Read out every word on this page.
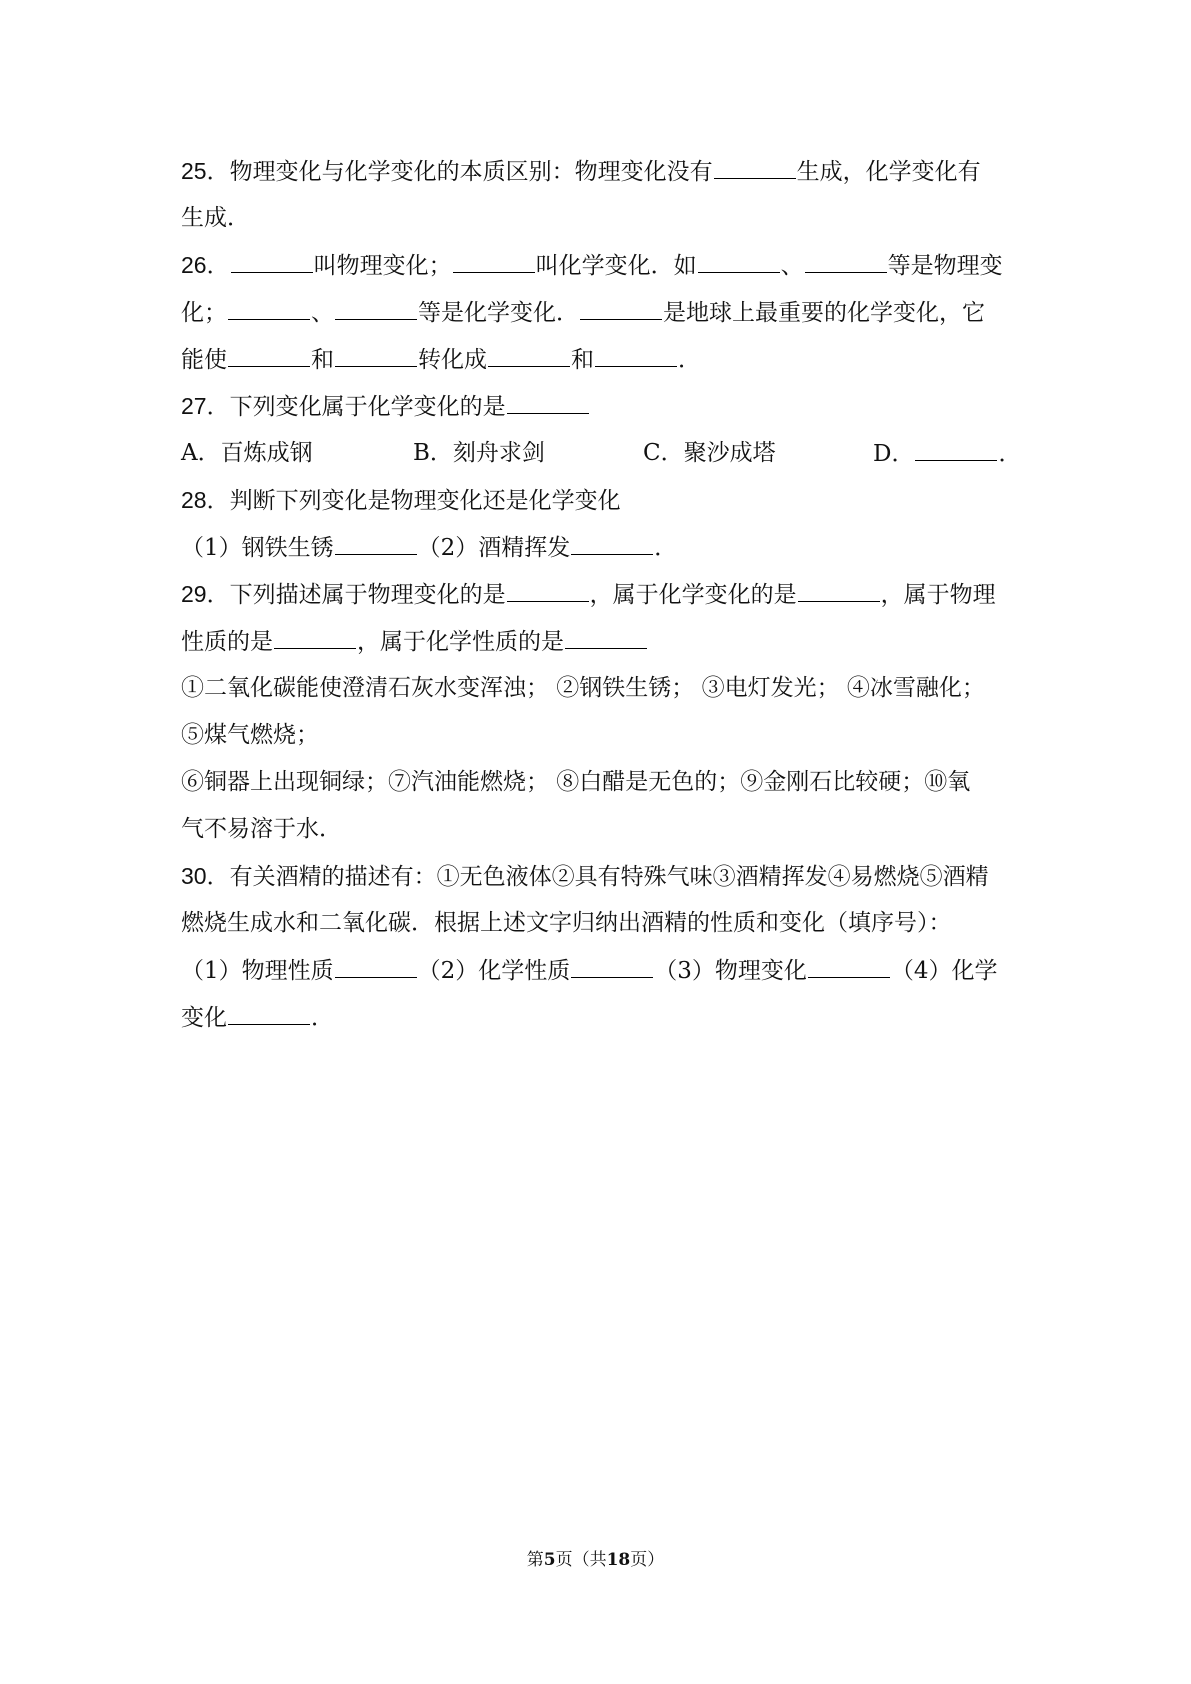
25．物理变化与化学变化的本质区别：物理变化没有	生成，化学变化有
生成．
26．	叫物理变化；	叫化学变化．如	、	等是物理变
化；	、	等是化学变化．	是地球上最重要的化学变化，它
能使	和	转化成	和	．
27．下列变化属于化学变化的是
A．百炼成钢	B．刻舟求剑	C．聚沙成塔	D．	．
28．判断下列变化是物理变化还是化学变化
（1）钢铁生锈	（2）酒精挥发	．
29．下列描述属于物理变化的是	，属于化学变化的是	，属于物理
性质的是	，属于化学性质的是
①二氧化碳能使澄清石灰水变浑浊； ②钢铁生锈； ③电灯发光； ④冰雪融化；
⑤煤气燃烧；
⑥铜器上出现铜绿；⑦汽油能燃烧； ⑧白醋是无色的；⑨金刚石比较硬；⑩氧
气不易溶于水．
30．有关酒精的描述有：①无色液体②具有特殊气味③酒精挥发④易燃烧⑤酒精
燃烧生成水和二氧化碳．根据上述文字归纳出酒精的性质和变化（填序号）：
（1）物理性质	（2）化学性质	（3）物理变化	（4）化学
变化	．
第5页（共18页）
